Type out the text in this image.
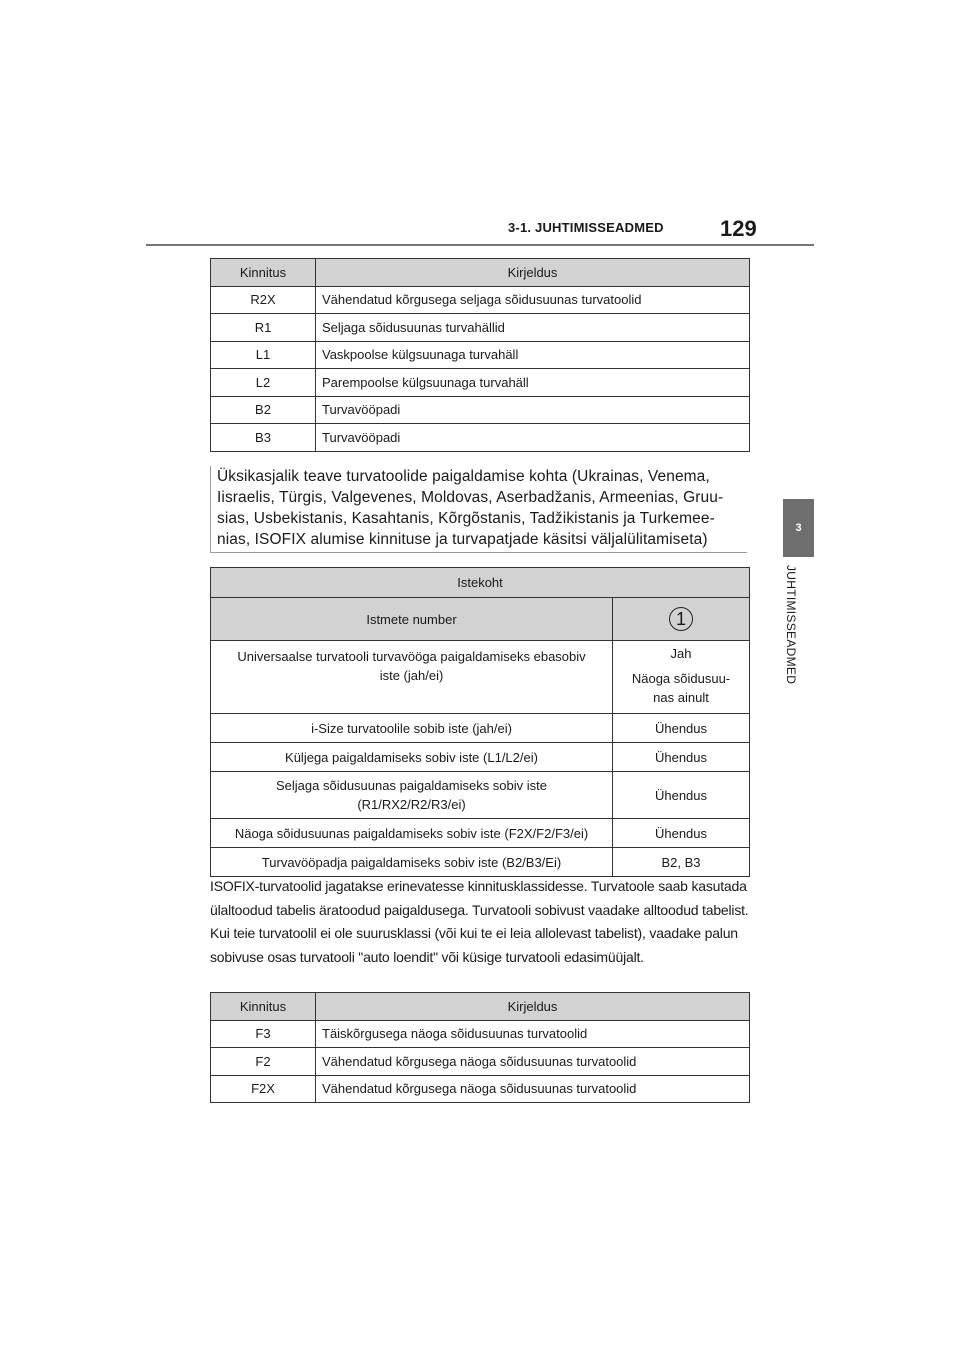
3-1. JUHTIMISSEADMED	129
3
JUHTIMISSEADMED
Kinnitus	Kirjeldus
R2X	Vähendatud kõrgusega seljaga sõidusuunas turvatoolid
R1	Seljaga sõidusuunas turvahällid
L1	Vaskpoolse külgsuunaga turvahäll
L2	Parempoolse külgsuunaga turvahäll
B2	Turvavööpadi
B3	Turvavööpadi
Üksikasjalik teave turvatoolide paigaldamise kohta (Ukrainas, Venema,
Iisraelis, Türgis, Valgevenes, Moldovas, Aserbadžanis, Armeenias, Gruu-
sias, Usbekistanis, Kasahtanis, Kõrgõstanis, Tadžikistanis ja Turkemee-
nias, ISOFIX alumise kinnituse ja turvapatjade käsitsi väljalülitamiseta)
Istekoht	
Istmete number	1

Universaalse turvatooli turvavööga paigaldamiseks ebasobiv
iste (jah/ei)	Jah
Näoga sõidusuu-
nas ainult

i-Size turvatoolile sobib iste (jah/ei)	Ühendus
Küljega paigaldamiseks sobiv iste (L1/L2/ei)	Ühendus

Seljaga sõidusuunas paigaldamiseks sobiv iste
(R1/RX2/R2/R3/ei)	Ühendus
Näoga sõidusuunas paigaldamiseks sobiv iste (F2X/F2/F3/ei)	Ühendus
Turvavööpadja paigaldamiseks sobiv iste (B2/B3/Ei)	B2, B3

ISOFIX-turvatoolid jagatakse erinevatesse kinnitusklassidesse. Turvatoole saab kasutada ülaltoodud tabelis äratoodud paigaldusega. Turvatooli sobivust vaadake alltoodud tabelist.

Kui teie turvatoolil ei ole suurusklassi (või kui te ei leia allolevast tabelist), vaadake palun sobivuse osas turvatooli "auto loendit" või küsige turvatooli edasimüüjalt.

Kinnitus	Kirjeldus
F3	Täiskõrgusega näoga sõidusuunas turvatoolid
F2	Vähendatud kõrgusega näoga sõidusuunas turvatoolid
F2X	Vähendatud kõrgusega näoga sõidusuunas turvatoolid
